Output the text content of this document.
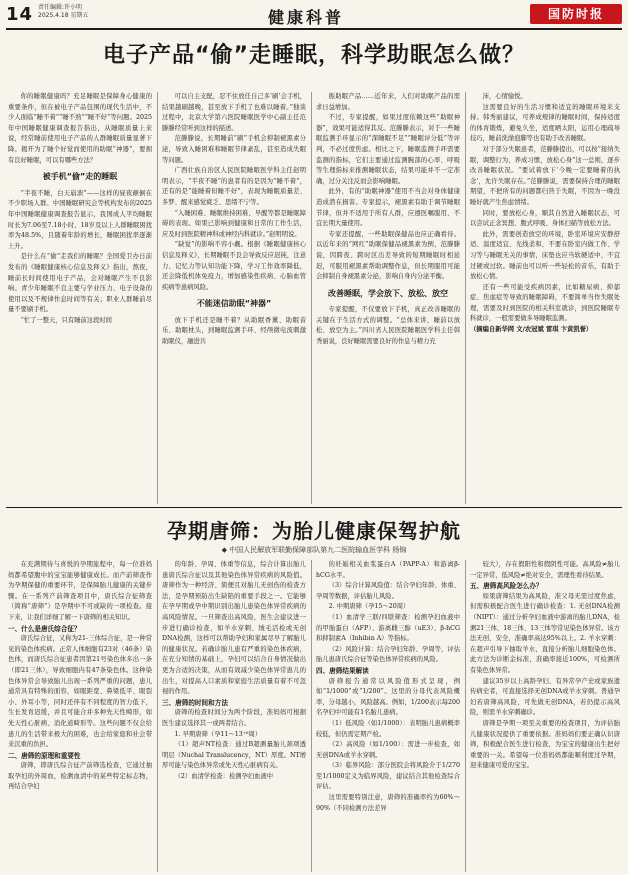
14 责任编辑:许小明
2025.4.18 星期五	健康科普	国防时报
电子产品“偷”走睡眠，科学助眠怎么做？

你的睡眠健康吗？充足睡眠是保障身心健康的重要条件，但在被电子产品包围的现代生活中，不少人面临“睡不着”“睡不熟”“睡不好”等问题。2025年中国睡眠健康调查报告指出，从睡眠质量上来说，经常睡前使用电子产品的人群睡眠质量显著下降。揭开为了睡个好觉而使用的助眠“神器”，要拥有良好睡眠，可以有哪些方法？

被手机“偷”走的睡眠

“半夜不睡，白天崩溃”——这样的昼夜颠倒在不少职场人群。中国睡眠研究会等机构发布的2025年中国睡眠健康调查报告显示，我国成人平均睡眠时长为7.06至7.18小时，18岁及以上人群睡眠困扰率为48.5%，且随着年龄的增长，睡眠困扰率逐渐上升。

是什么在“偷”走我们的睡眠？全国爱卫办日前发布的《睡眠健康核心信息及释义》指出，熬夜，睡前长时间使用电子产品，会对睡眠产生不良影响。青少年睡眠不良主要与学业压力、电子设备的使用以及不规律作息时间等有关；职业人群睡前尽量不要刷手机。

“忙了一整天，只有睡前这段时间

可以自主支配，忍不住放任自己多‘刷’会手机，结果越刷越晚，甚至放下手机了也难以睡着。”独谈过程中，北京大学第六医院睡眠医学中心副主任范滕滕经常听到这样的描述。

范滕滕说，长期睡前“刷”手机会抑制褪黑素分泌，导致入睡困难和睡眠节律紊乱，甚至造成失眠等问题。

广西壮族自治区人民医院睡眠医学科主任赵明明表示，“半夜不睡”的患者有的是因为“睡不着”，还有的是“能睡着但睡不好”，表现为睡眠质量差、多梦、醒来感觉疲乏、思绪不宁等。

“入睡困难、睡眠维持困难、早醒等都是睡眠障碍的表现。如果已影响到健康和日常的工作生活，应及时到医院精神科或神经内科就诊。”赵明明说。

“缺觉”的影响不容小觑。根据《睡眠健康核心信息及释义》，长期睡眠不良会导致反应迟钝，注意力、记忆力等认知功能下降，学习工作效率降低，还会降低机体免疫力，增加感染性疾病、心脑血管疾病等患病风险。

不能迷信助眠“神器”

放下手机还是睡不着？从助眠香薰、助眠音乐、助眠枕头，到睡眠监测手环、经颅微电流刺激助眠仪，融进共

振助眠产品……近年来，人们对助眠产品的需求日益增加。

不过，专家提醒，如果过度依赖这些“助眠神器”，效果可能适得其反。范滕滕表示，对于一些睡眠监测手环显示的“深睡眠不足”“睡眠评分低”等评判，不必过度焦虑。相比之下，睡眠监测手环需要监测的指标，它们主要通过监测腕部的心率、呼吸等生理指标来推测睡眠状态，结果可能并不一定准确，过分关注反而会影响睡眠。

此外，有的“助眠神器”使用不当会对身体健康造成潜在损害。专家提示，褪黑素有助于调节睡眠节律，但并不适用于所有人群，应遵医嘱服用，不宜长期大量使用。

专家还提醒，一些助眠保健品也应正确看待。以近年来的“网红”助眠保健品褪黑素为例，范滕滕说，因跨夜、跨时区出差导致的短期睡眠时相延迟，可服用褪黑素帮助调整作息，但长期服用可能会抑制自身褪黑素分泌，影响自身内分泌平衡。

改善睡眠，学会放下、放松、放空

专家提醒，不仅要放下手机，真正改善睡眠的关键在于生活方式的调整。“总体来讲，睡前以放松、放空为主。”四川省人民医院睡眠医学科主任韩秀丽说，良好睡眠需要良好的作息与精力充

沛，心情愉悦。

这需要良好的生活习惯和适宜的睡眠环境来支持。韩秀丽建议，可养成规律的睡眠时间，保持适度的体育锻炼，避免久坐，适度晒太阳，运用心理疏导技巧，睡前洗澡泡脚等也有助于改善睡眠。

对于部分失眠患者，范滕滕提出，可以按“接纳失眠，调整行为，养成习惯，放松心身”这一总则，逐步改善睡眠状况。“要试着放下‘今晚一定要睡着的执念’，允许失眠存在。”范滕滕说，需要保持合理的睡眠期望，不把所有的问题都归咎于失眠，不因为一晚没睡好就产生焦虑情绪。

同时，要放松心身，顺其自然进入睡眠状态，可以尝试正念冥想、腹式呼吸、身体扫描等放松方法。

此外，需要创造放空的环境，卧室环境应安静舒适、温度适宜、光线柔和，不要在卧室内做工作、学习等与睡眠无关的事情，床垫也应当软硬适中、不宜过硬或过软。睡前也可以听一些轻松的音乐，有助于放松心情。

还有一些可能受疾病因素，比如糖尿病、抑郁症、焦虑症等导致的睡眠障碍，不要简单当作失眠处理，需要及时到医院的相关科室就诊，到医院睡眠专科就诊，一般需要做多导睡眠监测。

（摘编自新华网 文/农冠斌 雷琪 卞黄凯誉）

孕期唐筛：为胎儿健康保驾护航
◆ 中国人民解放军联勤保障部队第九二医院输血医学科 杨锦

在充满期待与喜悦的孕期旅程中，每一位准妈妈都希望腹中的宝宝能够健康成长。而产前筛查作为孕期保健的重要环节，是保障胎儿健康的关键步骤。在一系列产前筛查项目中，唐氏综合征筛查（简称“唐筛”）是孕期中不可或缺的一项检查。接下来，让我们详细了解一下唐筛的相关知识。

一、什么是唐氏综合征？

唐氏综合征，又称为21-三体综合征，是一种常见的染色体疾病。正常人体细胞有23对（46条）染色体，而唐氏综合征患者因第21号染色体多出一条（即21三体），导致细胞内有47条染色体。这种染色体异常会导致胎儿出现一系列严重的问题，患儿通常具有特殊的面容，如眼距宽、鼻梁低平、眼裂小、外耳小等，同时还伴有不同程度的智力低下，生长发育迟缓，并且可能合并多种先天性畸形，如先天性心脏病、消化道畸形等。这些问题不仅会给患儿的生活带来极大的困难，也会给家庭和社会带来沉重的负担。

二、唐筛的原理和重要性

唐筛，即唐氏综合征产前筛选检查，它通过抽取孕妇的外周血，检测血清中的某些特定标志物，再结合孕妇

的年龄、孕周、体重等信息，综合计算出胎儿患唐氏综合征以及其他染色体异常疾病的风险值。唐筛作为一种经济、简便且对胎儿无创伤的检查方法，是孕期预防出生缺陷的重要手段之一。它能够在孕早期或孕中期识别出胎儿患染色体异常疾病的高风险情况。一旦筛查出高风险，医生会建议进一步进行确诊检查，如羊水穿刺、绒毛活检或无创DNA检测，这样可以帮助孕妇和家属尽早了解胎儿的健康状况。若确诊胎儿患有严重的染色体疾病，在充分知情的基础上，孕妇可以结合自身情况做出更为合适的决策，从而有效减少染色体异常患儿的出生，对提高人口素质和家庭生活质量有着不可忽视的作用。

三、唐筛的时间和方法

唐筛的检查时间分为两个阶段，准妈妈可根据医生建议选择其一或两者结合。

1. 早期唐筛（孕11～13⁺⁶周）

（1）超声NT检查：通过B超测量胎儿颈项透明层（Nuchal Translucency，NT）厚度。NT增厚可能与染色体异常或先天性心脏病有关。

（2）血清学检查：检测孕妇血液中

的妊娠相关血浆蛋白A（PAPP-A）和游离β-hCG水平。

（3）综合计算风险值：结合孕妇年龄、体重、孕周等数据，评估胎儿风险。

2. 中期唐筛（孕15～20周）

（1）血清学三联/四联筛查：检测孕妇血液中的甲胎蛋白（AFP）、游离雌三醇（uE3）、β-hCG和抑制素A（Inhibin A）等指标。

（2）风险计算：结合孕妇年龄、孕周等，评估胎儿患唐氏综合征等染色体异常疾病的风险。

四、唐筛结果解读

唐筛报告通常以风险值形式呈现，例如“1/1000”或“1/200”。这里的分母代表风险概率，分母越小，风险越高。例如，1/200表示每200名孕妇中可能有1名胎儿患病。

（1）低风险（如1/1000）：表明胎儿患病概率较低，但仍需定期产检。

（2）高风险（如1/100）：需进一步检查，如无创DNA或羊水穿刺。

（3）临界风险：部分医院会将风险介于1/270至1/1000定义为临界风险，建议结合其他检查综合评估。

这里需要特别注意，唐筛的准确率约为60%～90%（不同检测方法差异

较大），存在假阳性和假阴性可能。高风险≠胎儿一定异常，低风险≠绝对安全，需理性看待结果。

五、唐筛高风险怎么办？

如果唐筛结果为高风险，准父母无需过度焦虑，但需积极配合医生进行确诊检查：1. 无创DNA检测（NIPT）：通过分析孕妇血液中游离的胎儿DNA，检测21三体、18三体、13三体等常见染色体异常。该方法无创、安全，准确率高达95%以上。2. 羊水穿刺：在超声引导下抽取羊水，直接分析胎儿细胞染色体。此方法为诊断金标准，准确率接近100%，可检测所有染色体异常。

建议35岁以上高龄孕妇、有异常孕产史或家族遗传病史者，可直接选择无创DNA或羊水穿刺。普通孕妇若唐筛高风险，可先做无创DNA，若仍提示高风险，则需羊水穿刺确诊。

唐筛是孕期一项至关重要的检查项目，为评估胎儿健康状况提供了重要依据。准妈妈们要正确认识唐筛，积极配合医生进行检查，为宝宝的健康出生把好重要的一关。希望每一位准妈妈都能顺利度过孕期，迎来健康可爱的宝宝。
